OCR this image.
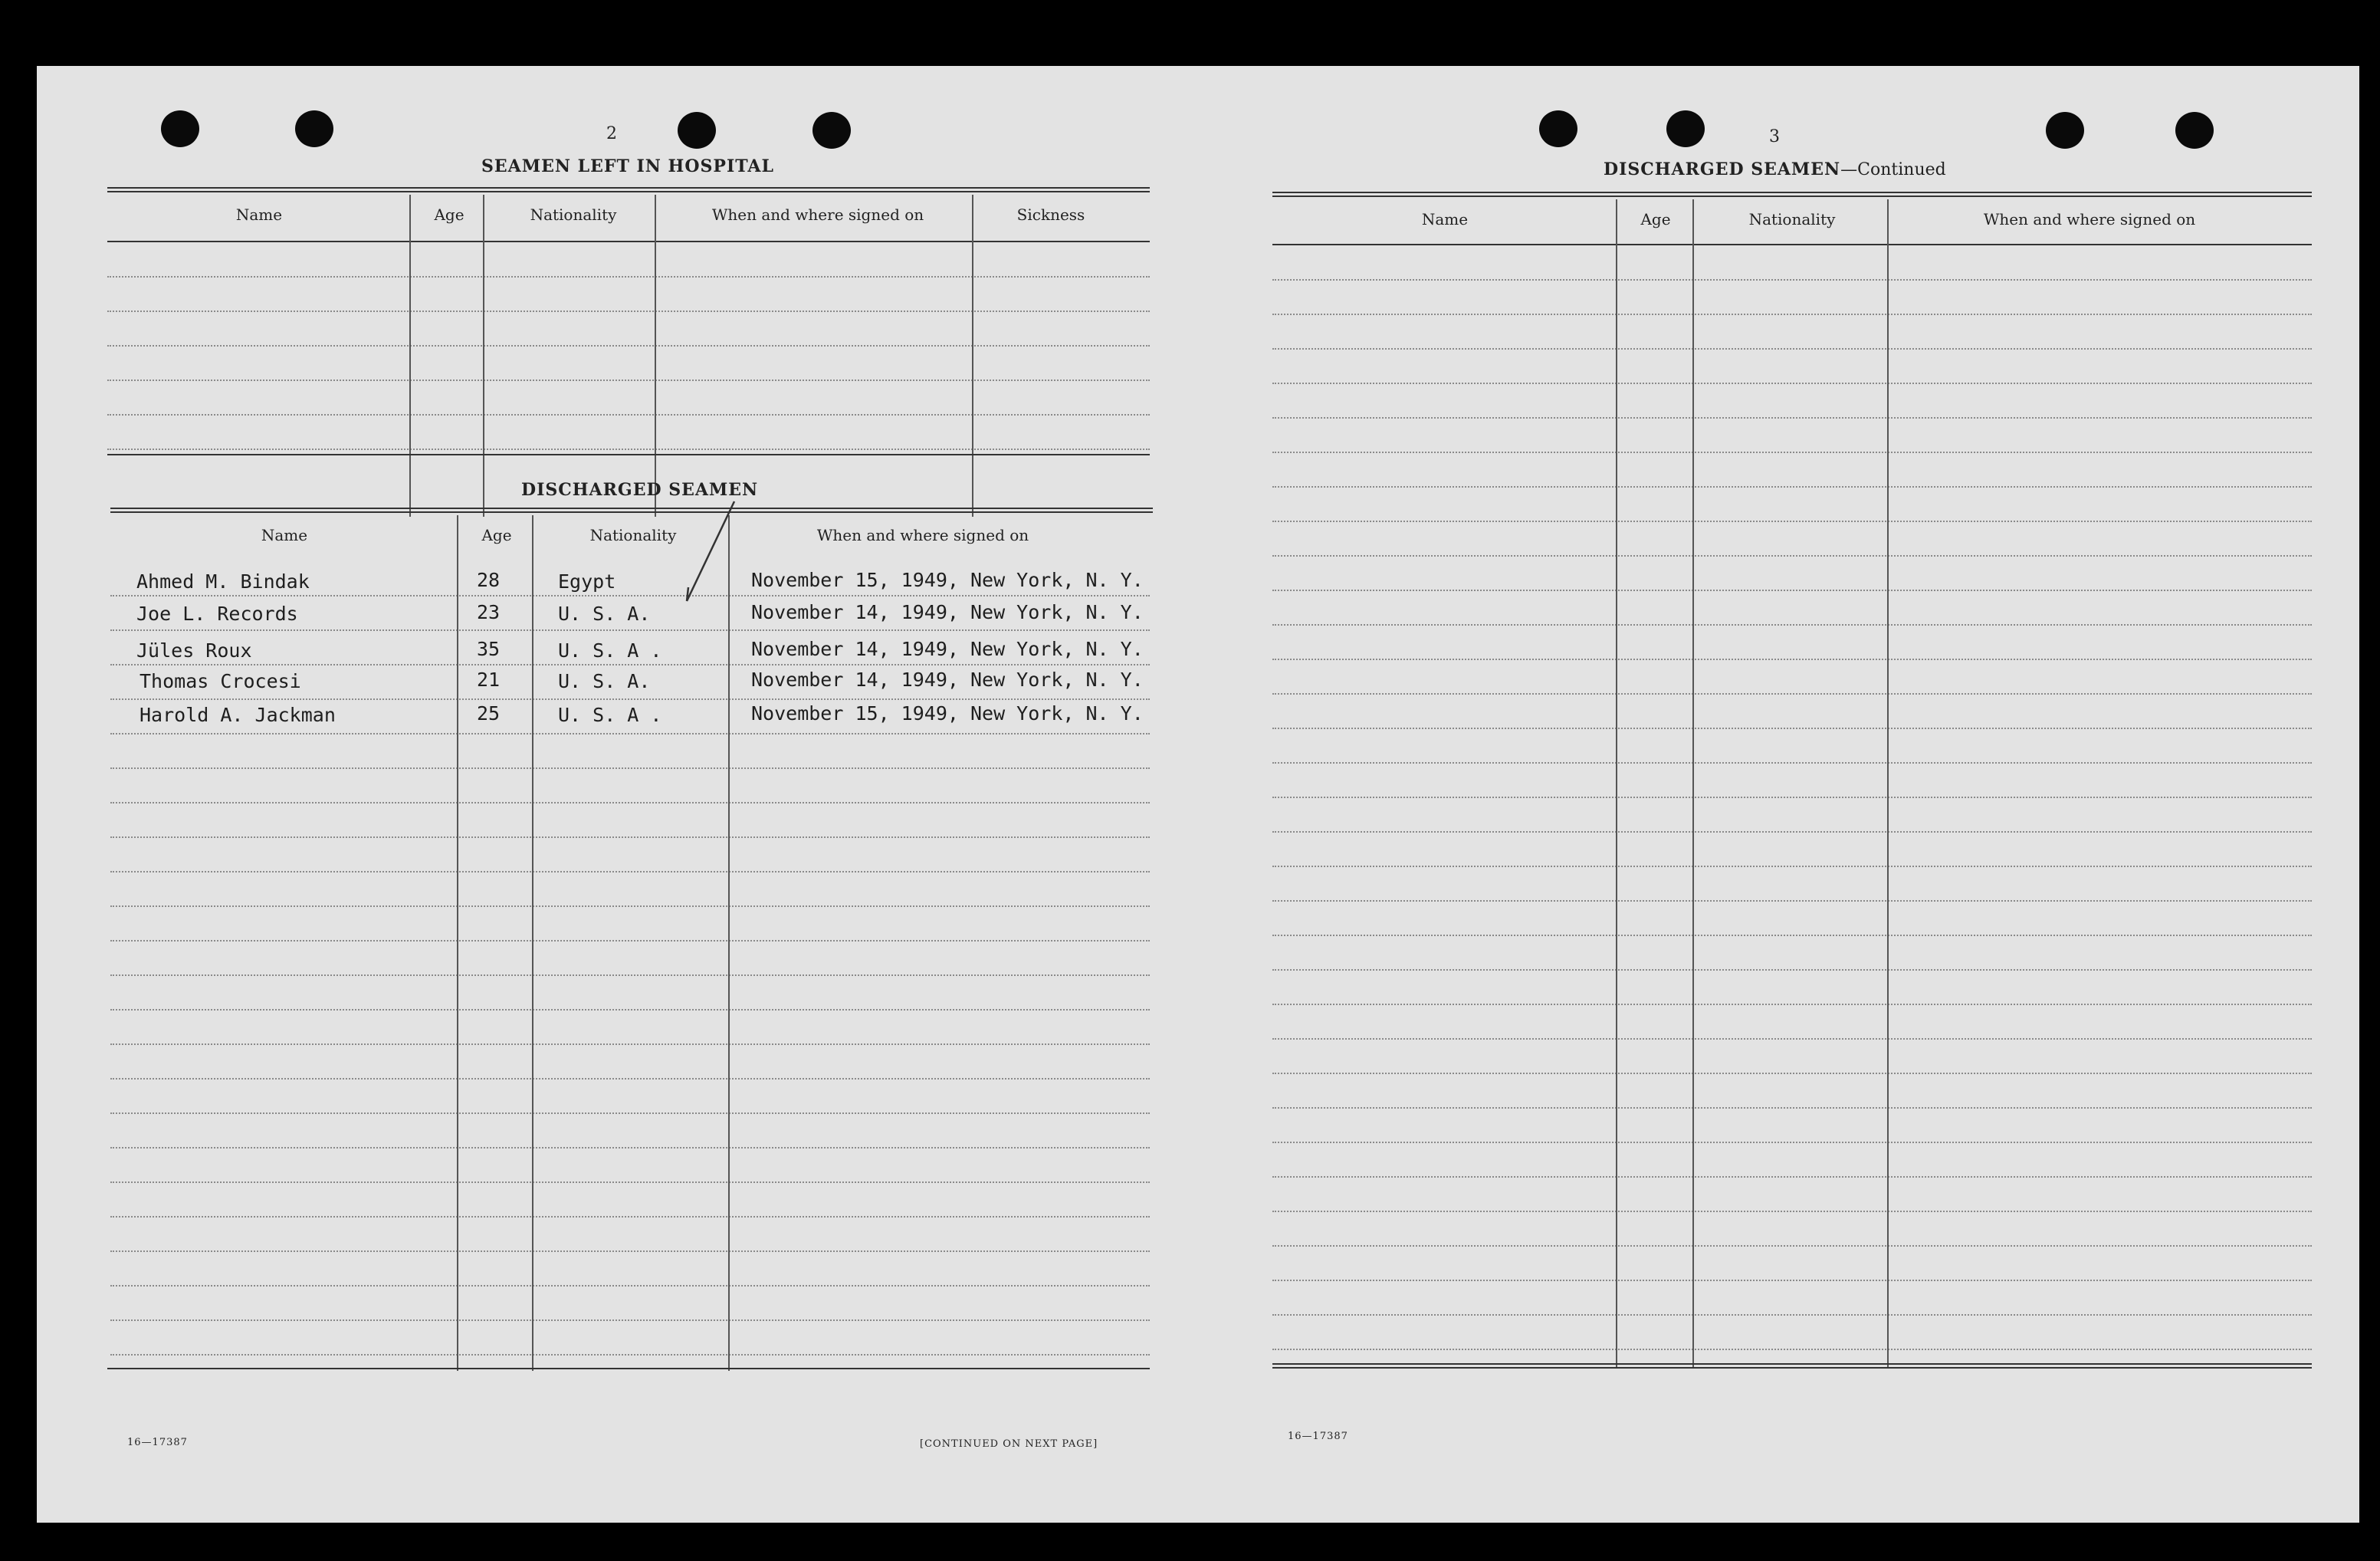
2
SEAMEN LEFT IN HOSPITAL
Name	Age	Nationality	When and where signed on	Sickness
DISCHARGED SEAMEN
Name	Age	Nationality	When and where signed on
Ahmed M. Bindak	28	Egypt	November 15, 1949, New York, N. Y.
Joe L. Records	23	U. S. A.	November 14, 1949, New York, N. Y.
Jüles Roux	35	U. S. A .	November 14, 1949, New York, N. Y.
Thomas Crocesi	21	U. S. A.	November 14, 1949, New York, N. Y.
Harold A. Jackman	25	U. S. A .	November 15, 1949, New York, N. Y.
16—17387	[CONTINUED ON NEXT PAGE]
3
DISCHARGED SEAMEN—Continued
Name	Age	Nationality	When and where signed on
16—17387
